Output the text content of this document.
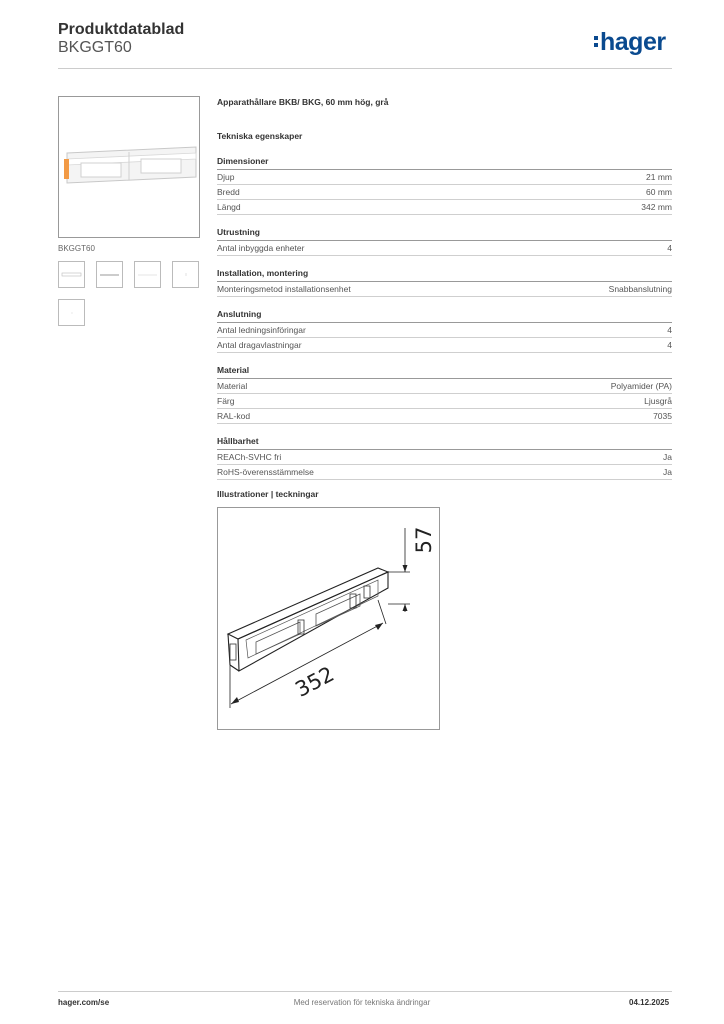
Produktdatablad
BKGGT60	hager
BKGGT60
Apparathållare BKB/ BKG, 60 mm hög, grå
Tekniska egenskaper
Dimensioner
Djup	21 mm
Bredd	60 mm
Längd	342 mm
Utrustning
Antal inbyggda enheter	4
Installation, montering
Monteringsmetod installationsenhet	Snabbanslutning
Anslutning
Antal ledningsinföringar	4
Antal dragavlastningar	4
Material
Material	Polyamider (PA)
Färg	Ljusgrå
RAL-kod	7035
Hållbarhet
REACh-SVHC fri	Ja
RoHS-överensstämmelse	Ja
Illustrationer | teckningar
57
352
hager.com/se	Med reservation för tekniska ändringar	04.12.2025
